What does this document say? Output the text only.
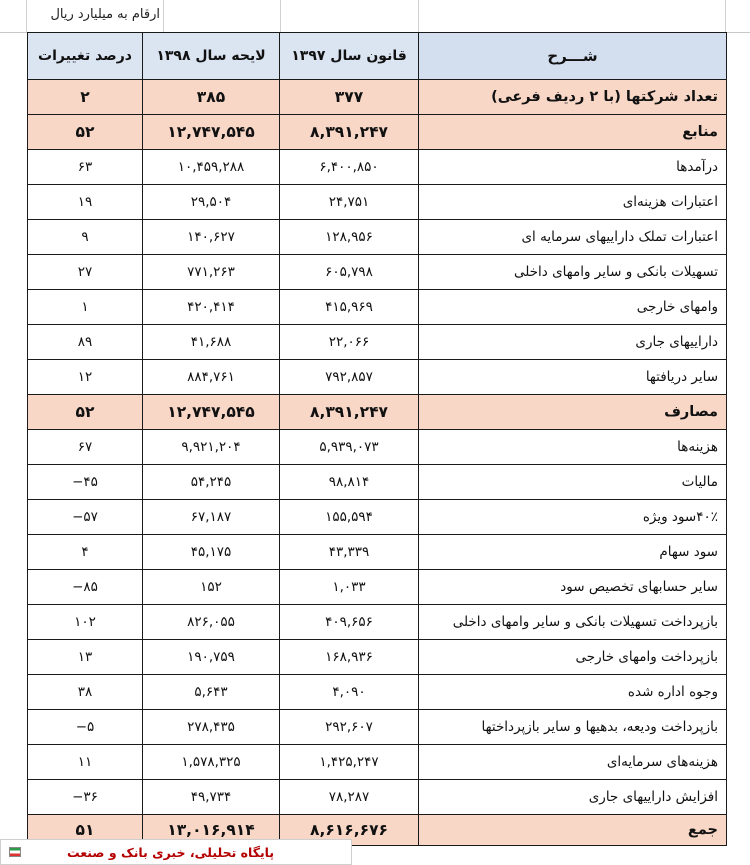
ارقام به میلیارد ریال
درصد تغییرات	لایحه سال ۱۳۹۸	قانون سال ۱۳۹۷	شـــرح
۲	۳۸۵	۳۷۷	تعداد شرکتها (با ۲ ردیف فرعی)
۵۲	۱۲,۷۴۷,۵۴۵	۸,۳۹۱,۲۴۷	منابع
۶۳	۱۰,۴۵۹,۲۸۸	۶,۴۰۰,۸۵۰	درآمدها
۱۹	۲۹,۵۰۴	۲۴,۷۵۱	اعتبارات هزینه‌ای
۹	۱۴۰,۶۲۷	۱۲۸,۹۵۶	اعتبارات تملک داراییهای سرمایه ای
۲۷	۷۷۱,۲۶۳	۶۰۵,۷۹۸	تسهیلات بانکی و سایر وامهای داخلی
۱	۴۲۰,۴۱۴	۴۱۵,۹۶۹	وامهای خارجی
۸۹	۴۱,۶۸۸	۲۲,۰۶۶	داراییهای جاری
۱۲	۸۸۴,۷۶۱	۷۹۲,۸۵۷	سایر دریافتها
۵۲	۱۲,۷۴۷,۵۴۵	۸,۳۹۱,۲۴۷	مصارف
۶۷	۹,۹۲۱,۲۰۴	۵,۹۳۹,۰۷۳	هزینه‌ها
−۴۵	۵۴,۲۴۵	۹۸,۸۱۴	مالیات
−۵۷	۶۷,۱۸۷	۱۵۵,۵۹۴	۴۰٪سود ویژه
۴	۴۵,۱۷۵	۴۳,۳۳۹	سود سهام
−۸۵	۱۵۲	۱,۰۳۳	سایر حسابهای تخصیص سود
۱۰۲	۸۲۶,۰۵۵	۴۰۹,۶۵۶	بازپرداخت تسهیلات بانکی و سایر وامهای داخلی
۱۳	۱۹۰,۷۵۹	۱۶۸,۹۳۶	بازپرداخت وامهای خارجی
۳۸	۵,۶۴۳	۴,۰۹۰	وجوه اداره شده
−۵	۲۷۸,۴۳۵	۲۹۲,۶۰۷	بازپرداخت ودیعه، بدهیها و سایر بازپرداختها
۱۱	۱,۵۷۸,۳۲۵	۱,۴۲۵,۲۴۷	هزینه‌های سرمایه‌ای
−۳۶	۴۹,۷۳۴	۷۸,۲۸۷	افزایش داراییهای جاری
۵۱	۱۳,۰۱۶,۹۱۴	۸,۶۱۶,۶۷۶	جمع
پایگاه تحلیلی، خبری بانک و صنعت
